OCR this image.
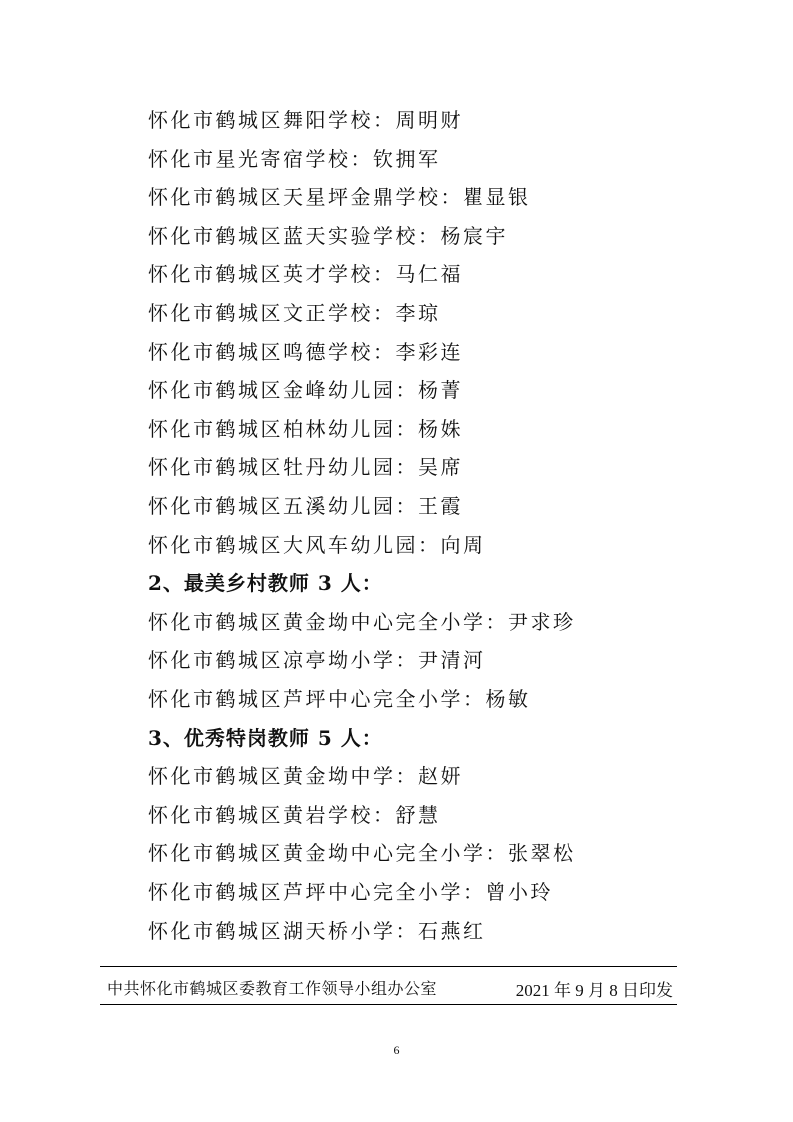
怀化市鹤城区舞阳学校：周明财
怀化市星光寄宿学校：钦拥军
怀化市鹤城区天星坪金鼎学校：瞿显银
怀化市鹤城区蓝天实验学校：杨宸宇
怀化市鹤城区英才学校：马仁福
怀化市鹤城区文正学校：李琼
怀化市鹤城区鸣德学校：李彩连
怀化市鹤城区金峰幼儿园：杨菁
怀化市鹤城区柏林幼儿园：杨姝
怀化市鹤城区牡丹幼儿园：吴席
怀化市鹤城区五溪幼儿园：王霞
怀化市鹤城区大风车幼儿园：向周
2、最美乡村教师 3 人：
怀化市鹤城区黄金坳中心完全小学：尹求珍
怀化市鹤城区凉亭坳小学：尹清河
怀化市鹤城区芦坪中心完全小学：杨敏
3、优秀特岗教师 5 人：
怀化市鹤城区黄金坳中学：赵妍
怀化市鹤城区黄岩学校：舒慧
怀化市鹤城区黄金坳中心完全小学：张翠松
怀化市鹤城区芦坪中心完全小学：曾小玲
怀化市鹤城区湖天桥小学：石燕红
中共怀化市鹤城区委教育工作领导小组办公室	2021 年 9 月 8 日印发
6
